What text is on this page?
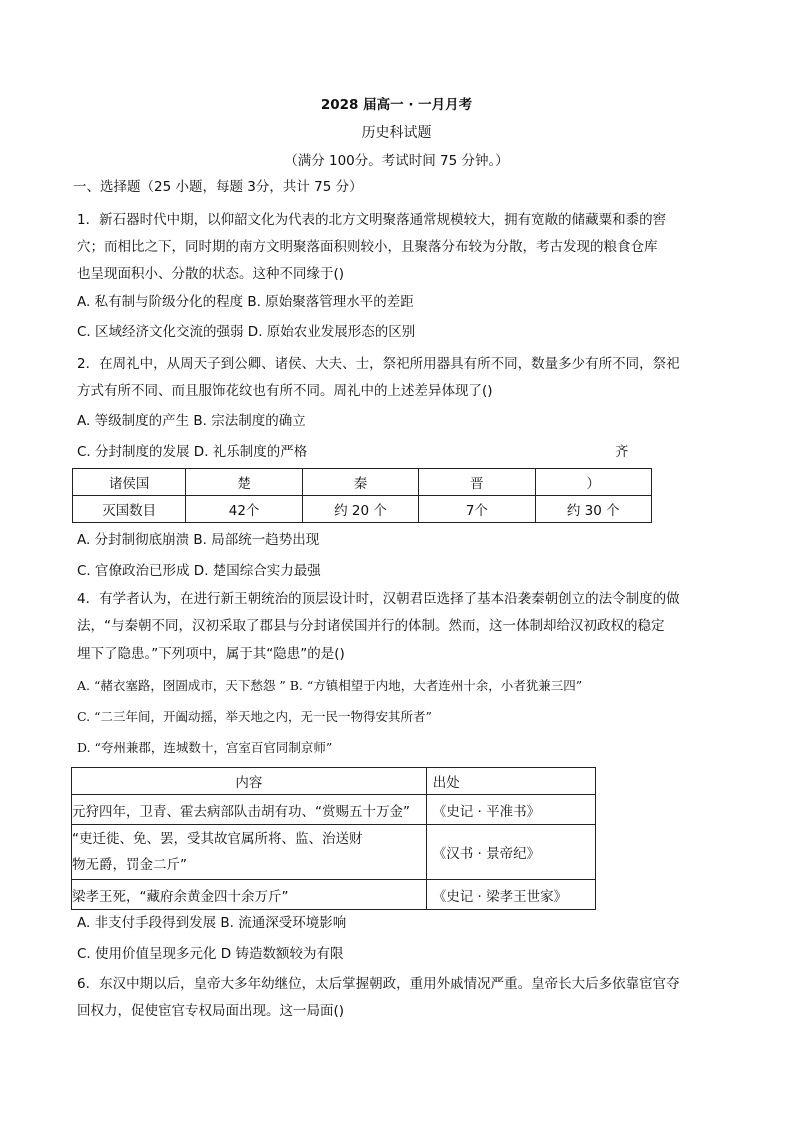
2028 届高一 · 一月月考
历史科试题
（满分 100分。考试时间 75 分钟。）
一、选择题（25 小题，每题 3分，共计 75 分）
1．新石器时代中期，以仰韶文化为代表的北方文明聚落通常规模较大，拥有宽敞的储藏粟和黍的窖
穴；而相比之下，同时期的南方文明聚落面积则较小，且聚落分布较为分散，考古发现的粮食仓库
也呈现面积小、分散的状态。这种不同缘于()
A. 私有制与阶级分化的程度 B. 原始聚落管理水平的差距
C. 区域经济文化交流的强弱 D. 原始农业发展形态的区别
2．在周礼中，从周天子到公卿、诸侯、大夫、士，祭祀所用器具有所不同，数量多少有所不同，祭祀
方式有所不同、而且服饰花纹也有所不同。周礼中的上述差异体现了()
A. 等级制度的产生 B. 宗法制度的确立
C. 分封制度的发展 D. 礼乐制度的严格	齐
诸侯国	楚	秦	晋	）
灭国数目	42个	约 20 个	7个	约 30 个
A. 分封制彻底崩溃 B. 局部统一趋势出现
C. 官僚政治已形成 D. 楚国综合实力最强
4．有学者认为，在进行新王朝统治的顶层设计时，汉朝君臣选择了基本沿袭秦朝创立的法令制度的做
法，“与秦朝不同，汉初采取了郡县与分封诸侯国并行的体制。然而，这一体制却给汉初政权的稳定
埋下了隐患。”下列项中，属于其“隐患”的是()
A. “赭衣塞路，囹圄成市，天下愁怨 ” B. “方镇相望于内地，大者连州十余，小者犹兼三四”
C. “二三年间，开阖动摇，举天地之内，无一民一物得安其所者”
D. “夸州兼郡，连城数十，宫室百官同制京师”
内容	出处
元狩四年，卫青、霍去病部队击胡有功、“赏赐五十万金”	《史记 · 平准书》

“吏迁徙、免、罢，受其故官属所将、监、治送财
物无爵，罚金二斤”	《汉书 · 景帝纪》
梁孝王死，“藏府余黄金四十余万斤”	《史记 · 梁孝王世家》
A. 非支付手段得到发展 B. 流通深受环境影响
C. 使用价值呈现多元化 D 铸造数额较为有限
6．东汉中期以后，皇帝大多年幼继位，太后掌握朝政，重用外戚情况严重。皇帝长大后多依靠宦官夺
回权力，促使宦官专权局面出现。这一局面()
